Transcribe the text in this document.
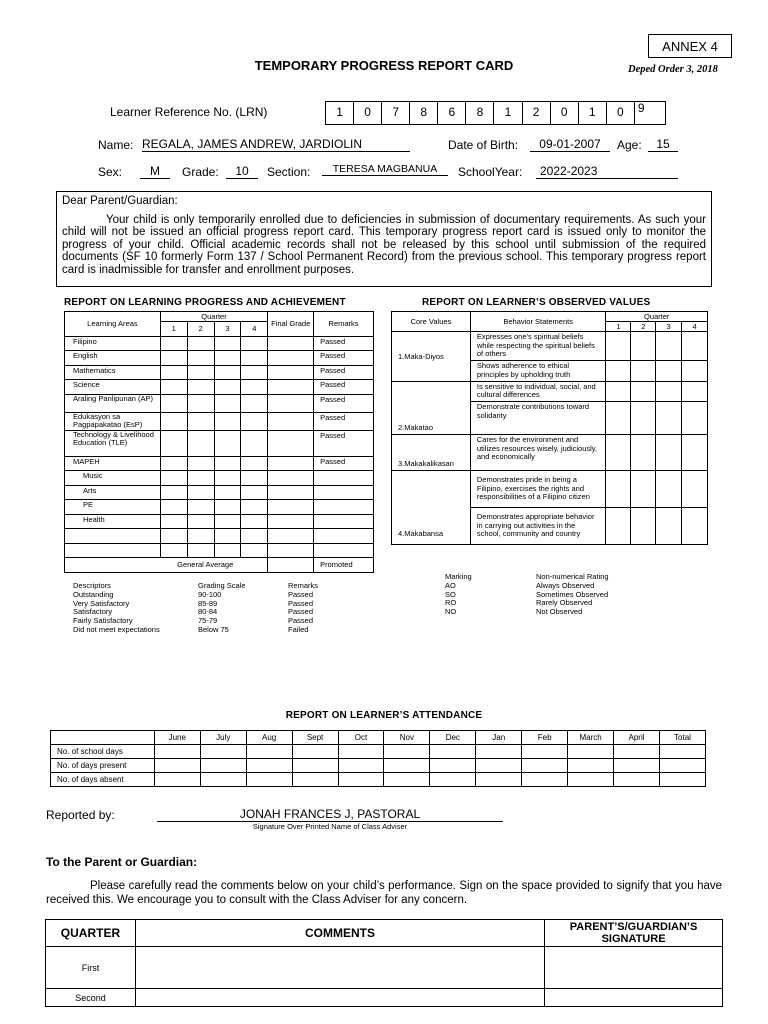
ANNEX 4
Deped Order 3, 2018
TEMPORARY PROGRESS REPORT CARD
Learner Reference No. (LRN)	1	0	7	8	6	8	1	2	0	1	0	9
Name: REGALA, JAMES ANDREW, JARDIOLIN	Date of Birth:	09-01-2007	Age:	15
Sex:	M	Grade:	10	Section:	TERESA MAGBANUA	SchoolYear:	2022-2023

Dear Parent/Guardian:

Your child is only temporarily enrolled due to deficiencies in submission of documentary requirements. As such your child will not be issued an official progress report card. This temporary progress report card is issued only to monitor the progress of your child. Official academic records shall not be released by this school until submission of the required documents (SF 10 formerly Form 137 / School Permanent Record) from the previous school. This temporary progress report card is inadmissible for transfer and enrollment purposes.

REPORT ON LEARNING PROGRESS AND ACHIEVEMENT
Learning Areas	Quarter				Final Grade	Remarks
	1	2	3	4		
Filipino						Passed
English						Passed
Mathematics						Passed
Science						Passed
Araling Panlipunan (AP)						Passed
Edukasyon sa Pagpapakatao (EsP)						Passed
Technology & Livelihood Education (TLE)						Passed
MAPEH						Passed
Music						
Arts						
PE						
Health						

General Average						Promoted
REPORT ON LEARNER’S OBSERVED VALUES
Core Values	Behavior Statements	Quarter			
		1	2	3	4
1.Maka-Diyos	Expresses one’s spiritual beliefs while respecting the spiritual beliefs of others				
	Shows adherence to ethical principles by upholding truth				
2.Makatao	Is sensitive to individual, social, and cultural differences				
	Demonstrate contributions toward solidarity				
3.Makakalikasan	Cares for the environment and utilizes resources wisely, judiciously, and economically				
4.Makabansa	Demonstrates pride in being a Filipino, exercises the rights and responsibilities of a Filipino citizen				
	Demonstrates appropriate behavior in carrying out activities in the school, community and country				
Descriptors	Grading Scale	Remarks
Outstanding	90-100	Passed
Very Satisfactory	85-89	Passed
Satisfactory	80-84	Passed
Fairly Satisfactory	75-79	Passed
Did not meet expectations	Below 75	Failed
Marking	Non-numerical Rating
AO	Always Observed
SO	Sometimes Observed
RO	Rarely Observed
NO	Not Observed
REPORT ON LEARNER’S ATTENDANCE
	June	July	Aug	Sept	Oct	Nov	Dec	Jan	Feb	March	April	Total
No. of school days												
No. of days present												
No. of days absent												
Reported by:	JONAH FRANCES J, PASTORAL
Signature Over Printed Name of Class Adviser
To the Parent or Guardian:
Please carefully read the comments below on your child’s performance. Sign on the space provided to signify that you have received this. We encourage you to consult with the Class Adviser for any concern.
QUARTER	COMMENTS	PARENT’S/GUARDIAN’S SIGNATURE
First		
Second		
